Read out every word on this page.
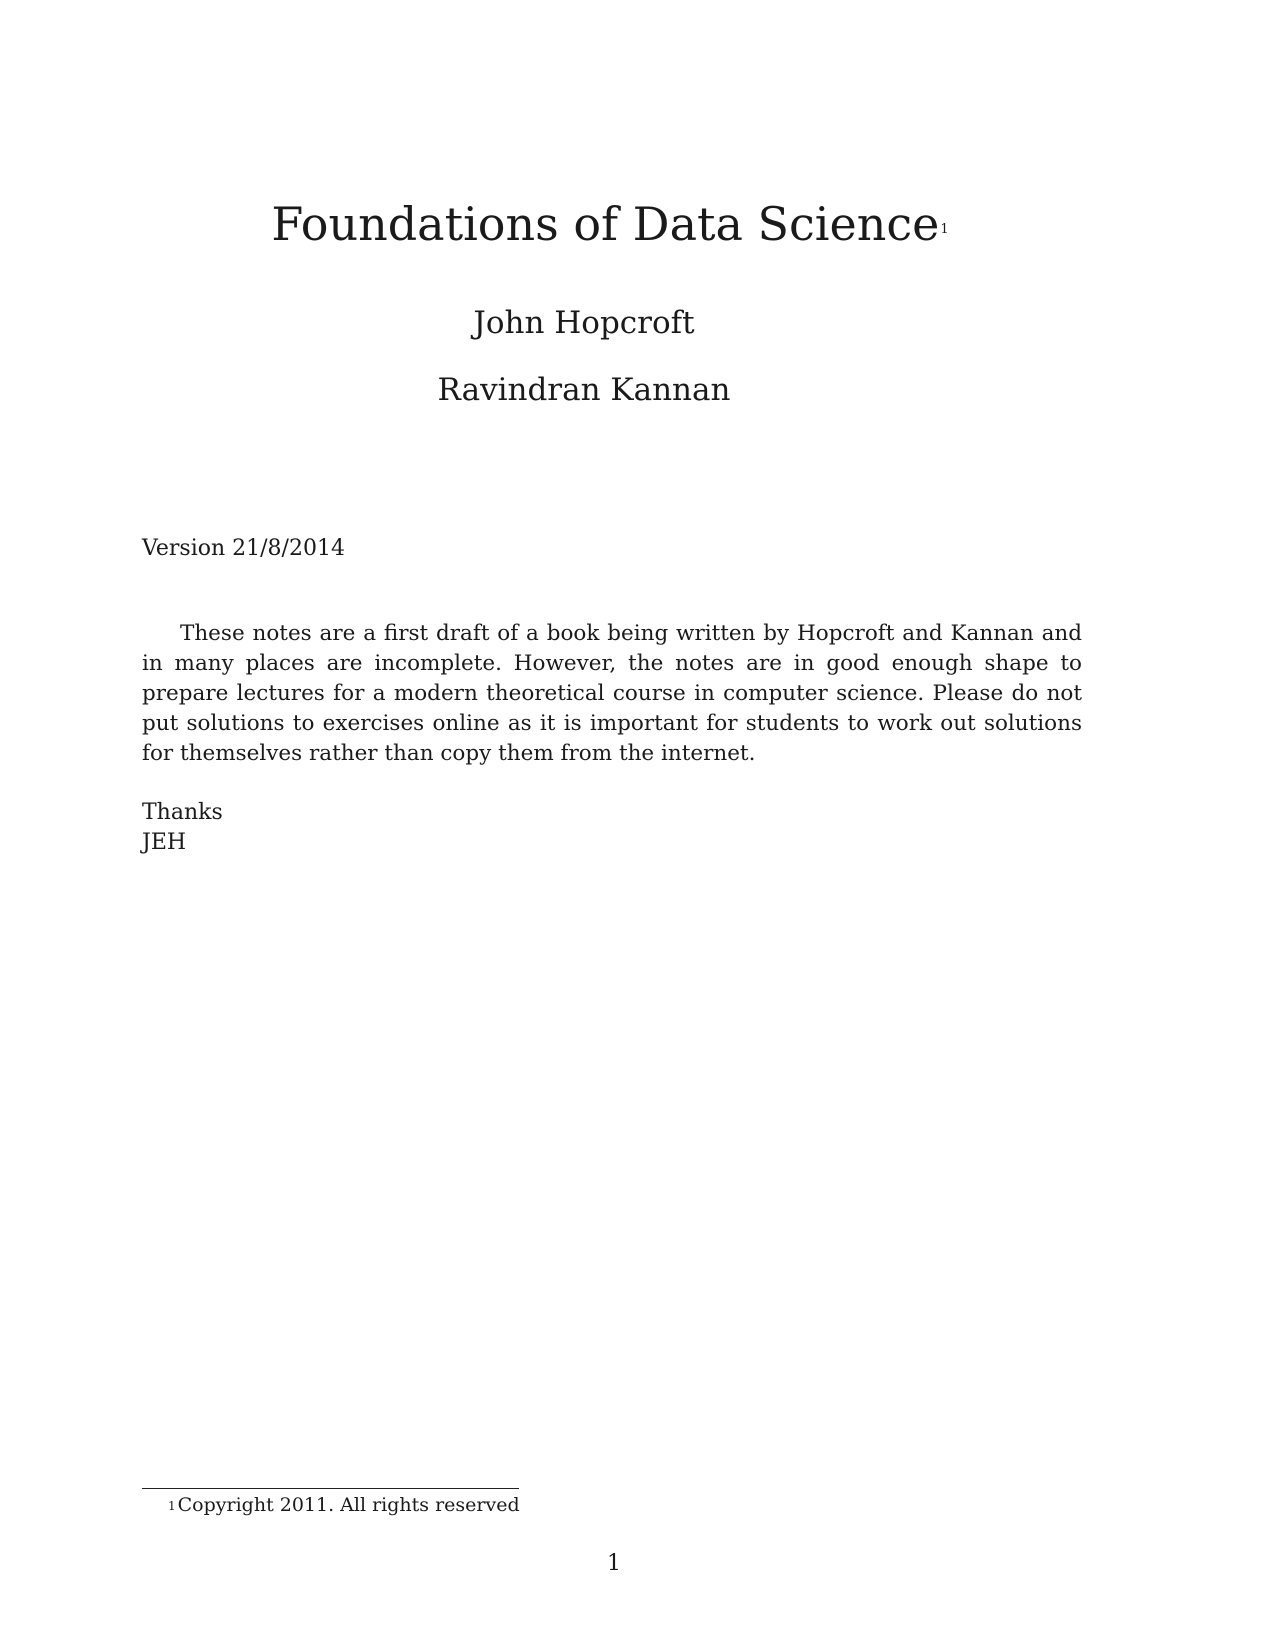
Foundations of Data Science$^1$
John Hopcroft
Ravindran Kannan
Version 21/8/2014

These notes are a first draft of a book being written by Hopcroft and Kannan and in many places are incomplete. However, the notes are in good enough shape to prepare lectures for a modern theoretical course in computer science. Please do not put solutions to exercises online as it is important for students to work out solutions for themselves rather than copy them from the internet.

Thanks
JEH
$^1$ Copyright 2011. All rights reserved
1
